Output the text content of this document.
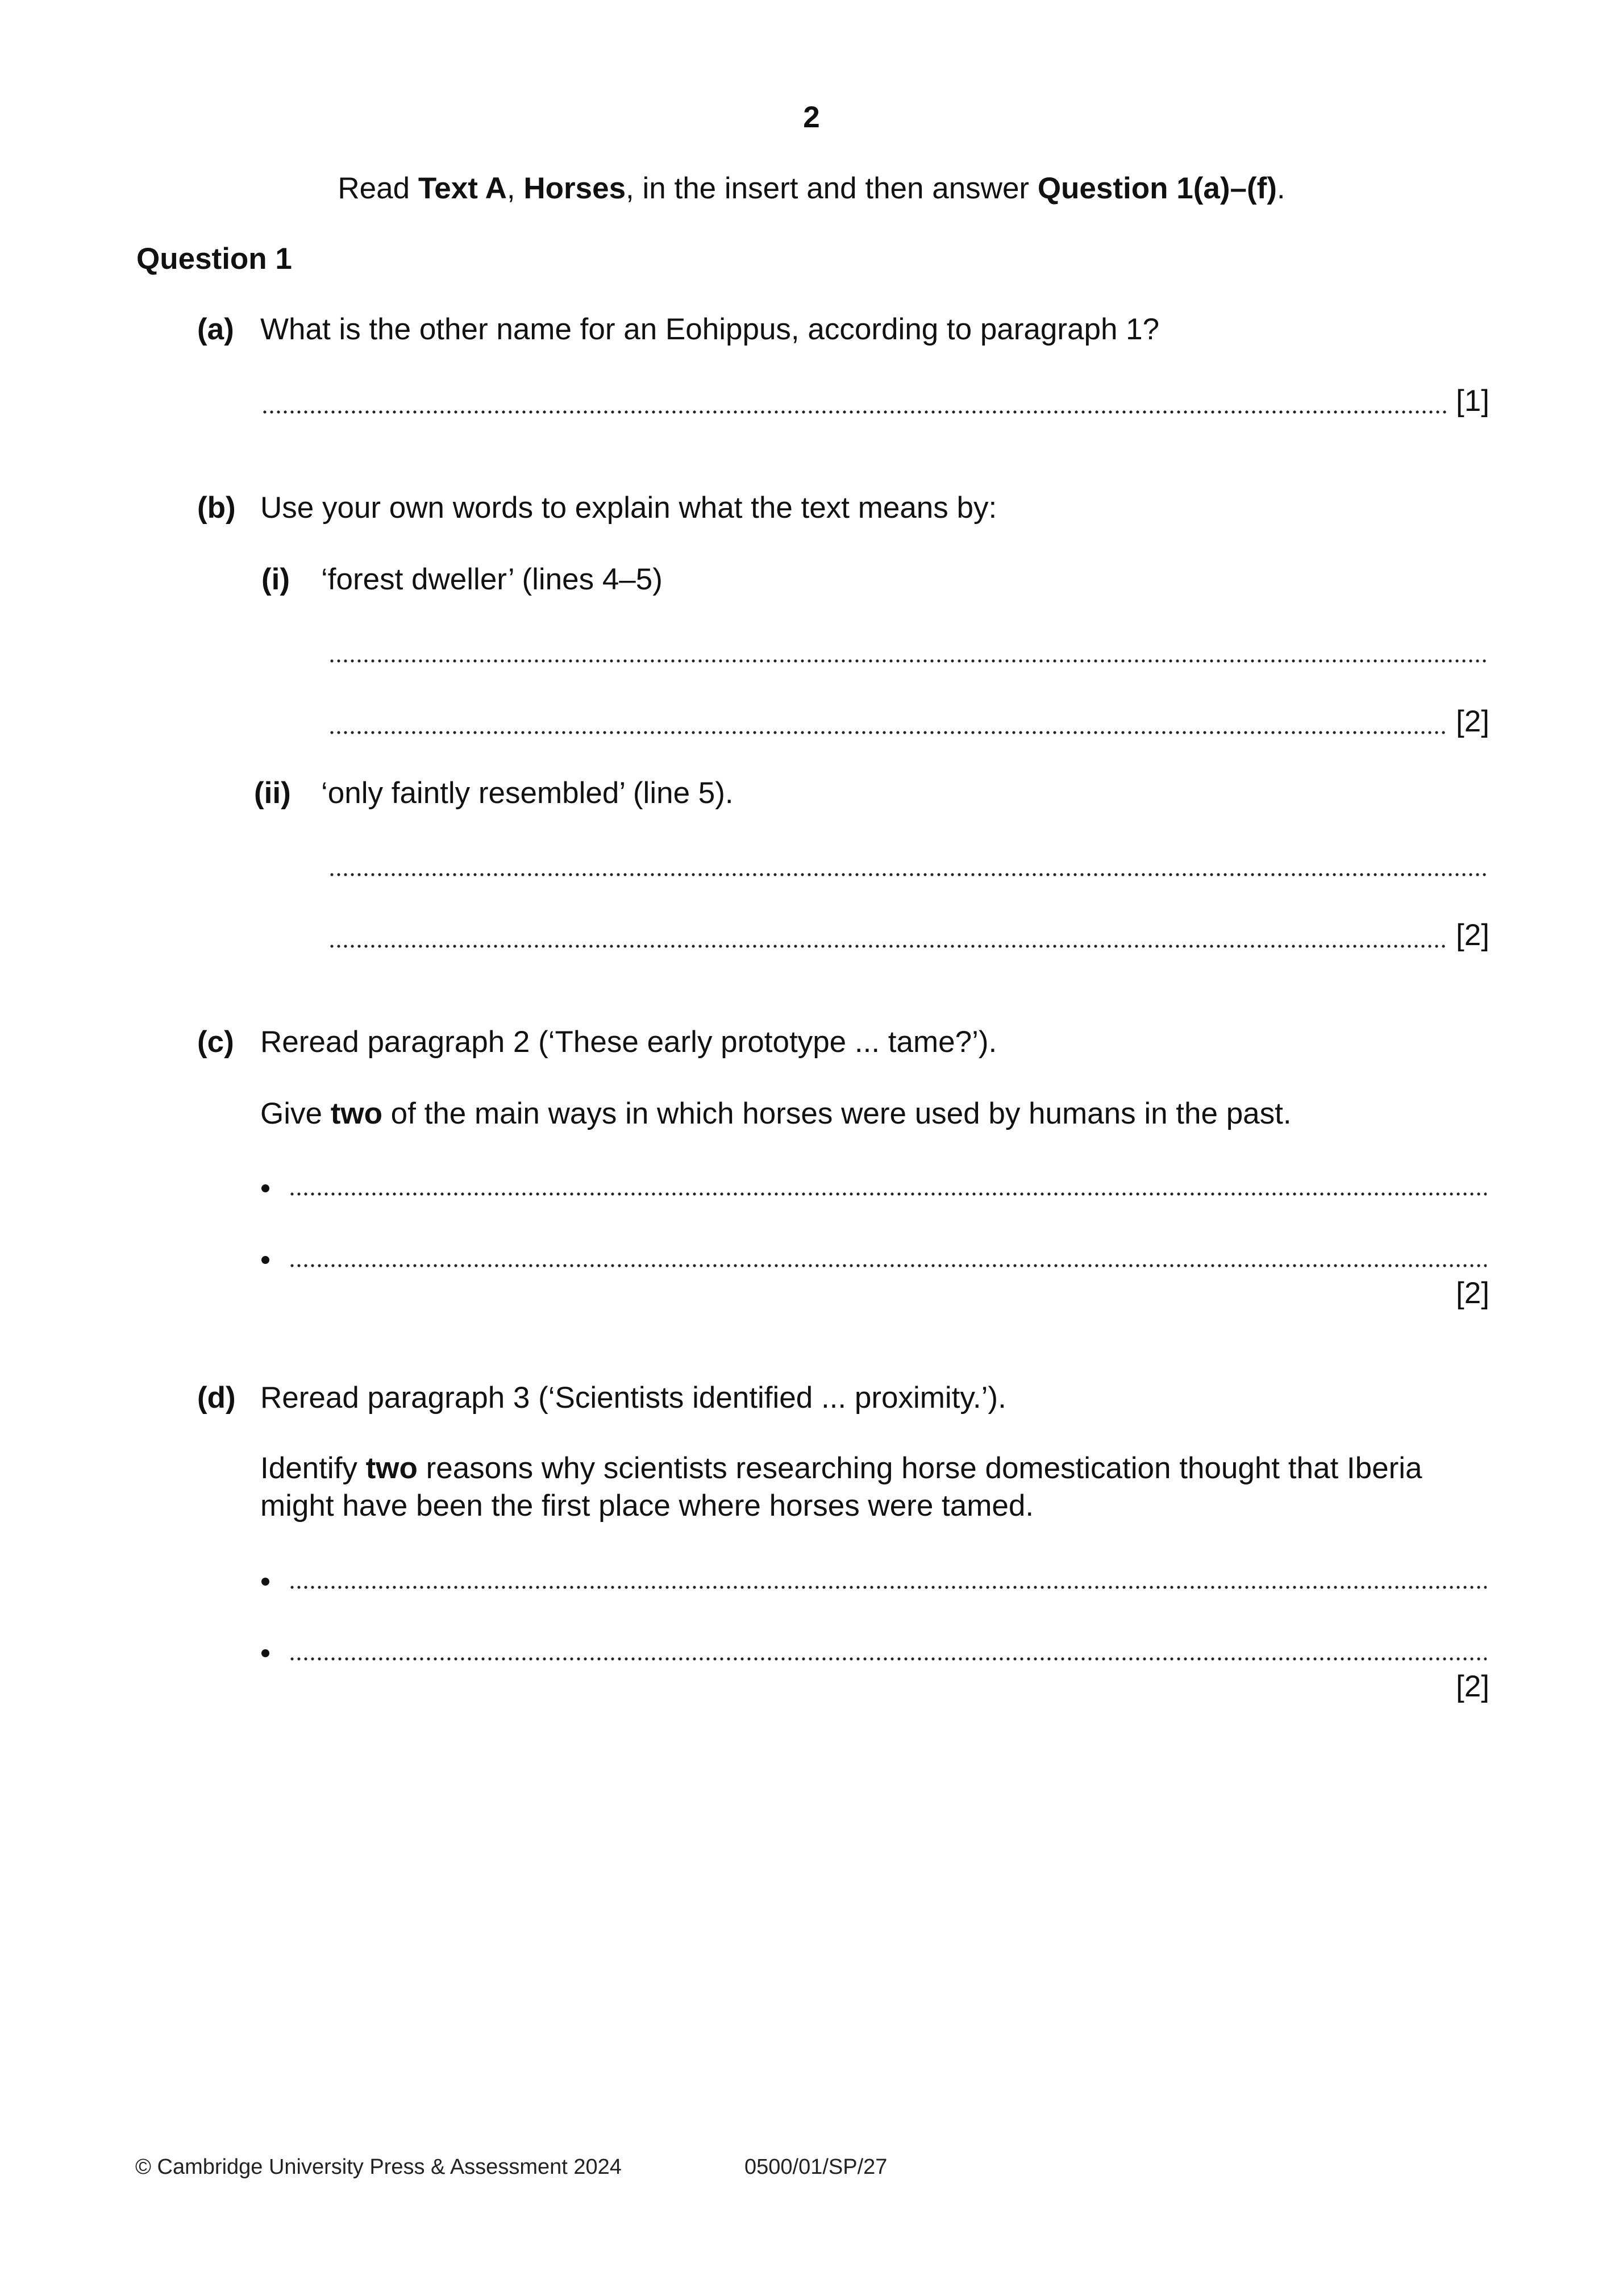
2
Read Text A, Horses, in the insert and then answer Question 1(a)–(f).
Question 1
(a) What is the other name for an Eohippus, according to paragraph 1?
[1]
(b) Use your own words to explain what the text means by:
(i) ‘forest dweller’ (lines 4–5)
[2]
(ii) ‘only faintly resembled’ (line 5).
[2]
(c) Reread paragraph 2 (‘These early prototype ... tame?’).
Give two of the main ways in which horses were used by humans in the past.
[2]
(d) Reread paragraph 3 (‘Scientists identified ... proximity.’).
Identify two reasons why scientists researching horse domestication thought that Iberia
might have been the first place where horses were tamed.
[2]
© Cambridge University Press & Assessment 2024	0500/01/SP/27
